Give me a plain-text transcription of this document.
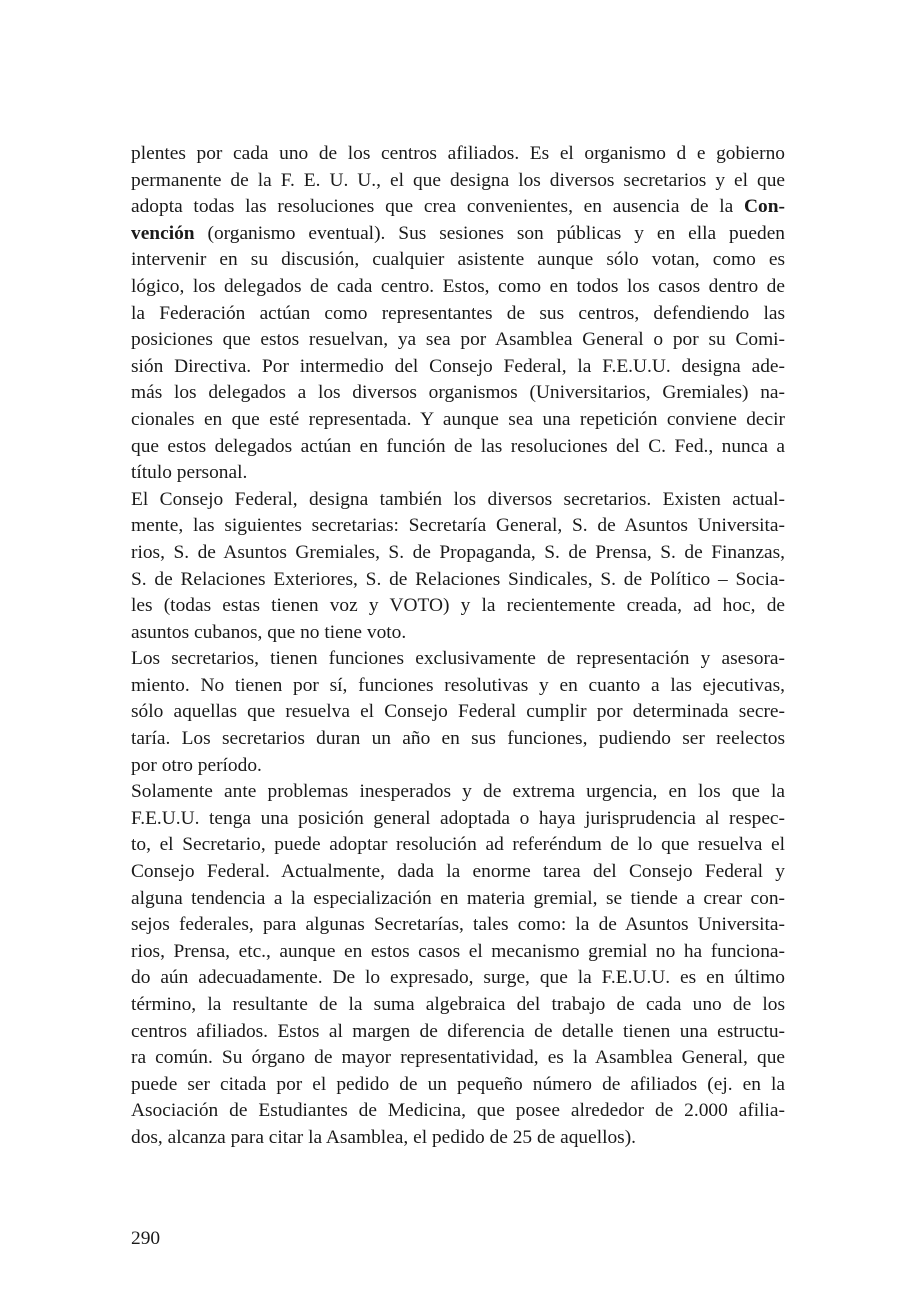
plentes por cada uno de los centros afiliados. Es el organismo d e gobierno
permanente de la F. E. U. U., el que designa los diversos secretarios y el que
adopta todas las resoluciones que crea convenientes, en ausencia de la Con-
vención (organismo eventual). Sus sesiones son públicas y en ella pueden
intervenir en su discusión, cualquier asistente aunque sólo votan, como es
lógico, los delegados de cada centro. Estos, como en todos los casos dentro de
la Federación actúan como representantes de sus centros, defendiendo las
posiciones que estos resuelvan, ya sea por Asamblea General o por su Comi-
sión Directiva. Por intermedio del Consejo Federal, la F.E.U.U. designa ade-
más los delegados a los diversos organismos (Universitarios, Gremiales) na-
cionales en que esté representada. Y aunque sea una repetición conviene decir
que estos delegados actúan en función de las resoluciones del C. Fed., nunca a
título personal.
El Consejo Federal, designa también los diversos secretarios. Existen actual-
mente, las siguientes secretarias: Secretaría General, S. de Asuntos Universita-
rios, S. de Asuntos Gremiales, S. de Propaganda, S. de Prensa, S. de Finanzas,
S. de Relaciones Exteriores, S. de Relaciones Sindicales, S. de Político – Socia-
les (todas estas tienen voz y VOTO) y la recientemente creada, ad hoc, de
asuntos cubanos, que no tiene voto.
Los secretarios, tienen funciones exclusivamente de representación y asesora-
miento. No tienen por sí, funciones resolutivas y en cuanto a las ejecutivas,
sólo aquellas que resuelva el Consejo Federal cumplir por determinada secre-
taría. Los secretarios duran un año en sus funciones, pudiendo ser reelectos
por otro período.
Solamente ante problemas inesperados y de extrema urgencia, en los que la
F.E.U.U. tenga una posición general adoptada o haya jurisprudencia al respec-
to, el Secretario, puede adoptar resolución ad referéndum de lo que resuelva el
Consejo Federal. Actualmente, dada la enorme tarea del Consejo Federal y
alguna tendencia a la especialización en materia gremial, se tiende a crear con-
sejos federales, para algunas Secretarías, tales como: la de Asuntos Universita-
rios, Prensa, etc., aunque en estos casos el mecanismo gremial no ha funciona-
do aún adecuadamente. De lo expresado, surge, que la F.E.U.U. es en último
término, la resultante de la suma algebraica del trabajo de cada uno de los
centros afiliados. Estos al margen de diferencia de detalle tienen una estructu-
ra común. Su órgano de mayor representatividad, es la Asamblea General, que
puede ser citada por el pedido de un pequeño número de afiliados (ej. en la
Asociación de Estudiantes de Medicina, que posee alrededor de 2.000 afilia-
dos, alcanza para citar la Asamblea, el pedido de 25 de aquellos).
290
